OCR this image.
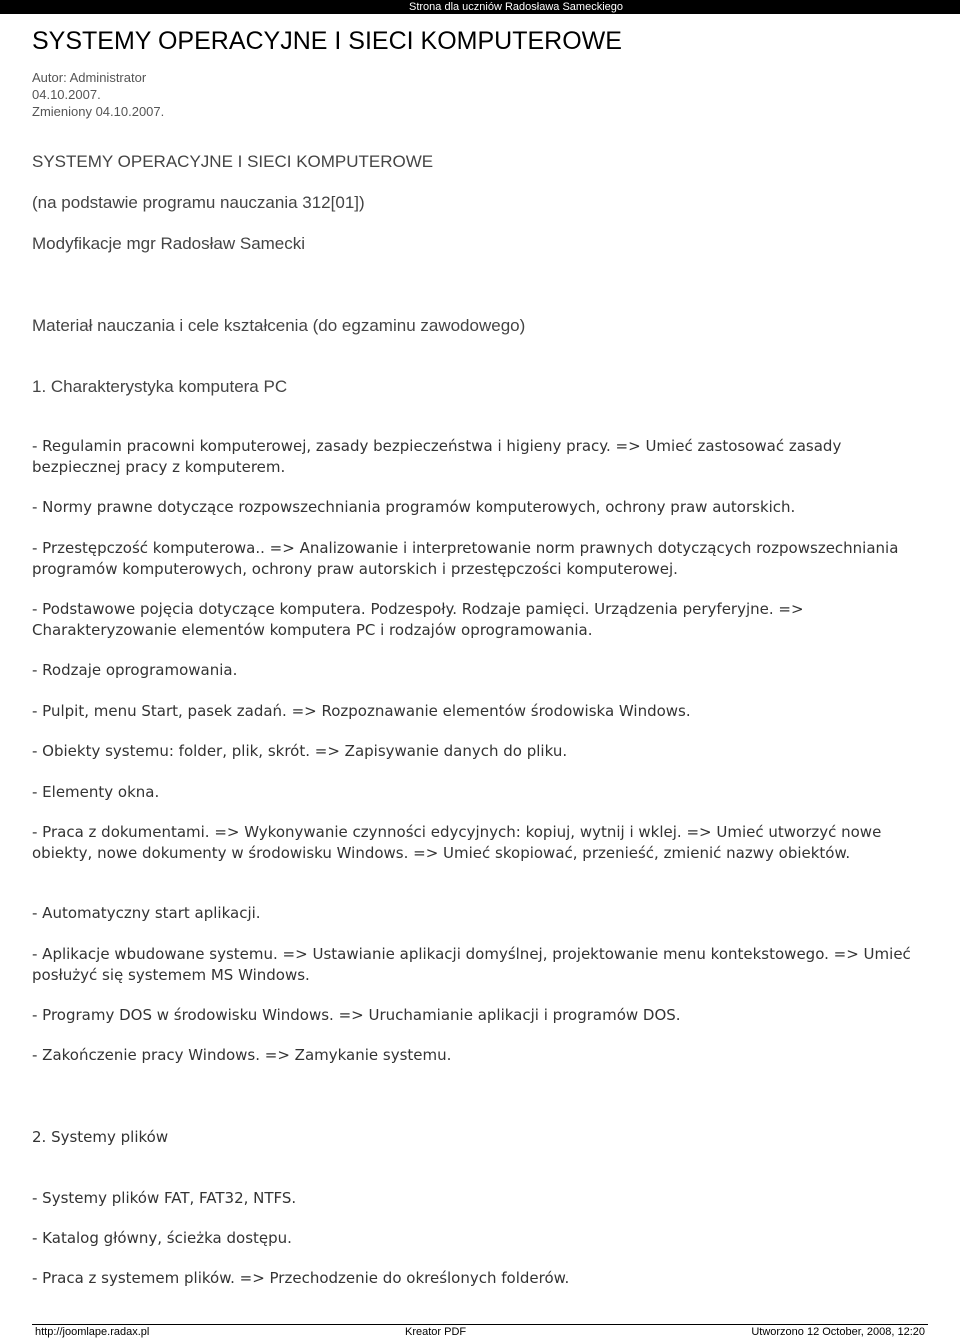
Strona dla uczniów Radosława Sameckiego
SYSTEMY OPERACYJNE I SIECI KOMPUTEROWE
Autor: Administrator
04.10.2007.
Zmieniony 04.10.2007.
SYSTEMY OPERACYJNE I SIECI KOMPUTEROWE
(na podstawie programu nauczania 312[01])
Modyfikacje mgr Radosław Samecki
Materiał nauczania i cele kształcenia (do egzaminu zawodowego)
1. Charakterystyka komputera PC
- Regulamin pracowni komputerowej, zasady bezpieczeństwa i higieny pracy. => Umieć zastosować zasady bezpiecznej pracy z komputerem.
- Normy prawne dotyczące rozpowszechniania programów komputerowych, ochrony praw autorskich.
- Przestępczość komputerowa.. => Analizowanie i interpretowanie norm prawnych dotyczących rozpowszechniania programów komputerowych, ochrony praw autorskich i przestępczości komputerowej.
- Podstawowe pojęcia dotyczące komputera. Podzespoły. Rodzaje pamięci. Urządzenia peryferyjne. => Charakteryzowanie elementów komputera PC i rodzajów oprogramowania.
- Rodzaje oprogramowania.
- Pulpit, menu Start, pasek zadań. => Rozpoznawanie elementów środowiska Windows.
- Obiekty systemu: folder, plik, skrót. => Zapisywanie danych do pliku.
- Elementy okna.
- Praca z dokumentami. => Wykonywanie czynności edycyjnych: kopiuj, wytnij i wklej. => Umieć utworzyć nowe obiekty, nowe dokumenty w środowisku Windows. => Umieć skopiować, przenieść, zmienić nazwy obiektów.
- Automatyczny start aplikacji.
- Aplikacje wbudowane systemu. => Ustawianie aplikacji domyślnej, projektowanie menu kontekstowego. => Umieć posłużyć się systemem MS Windows.
- Programy DOS w środowisku Windows. => Uruchamianie aplikacji i programów DOS.
- Zakończenie pracy Windows. => Zamykanie systemu.
2. Systemy plików
- Systemy plików FAT, FAT32, NTFS.
- Katalog główny, ścieżka dostępu.
- Praca z systemem plików. => Przechodzenie do określonych folderów.
http://joomlape.radax.pl	Kreator PDF	Utworzono 12 October, 2008, 12:20
